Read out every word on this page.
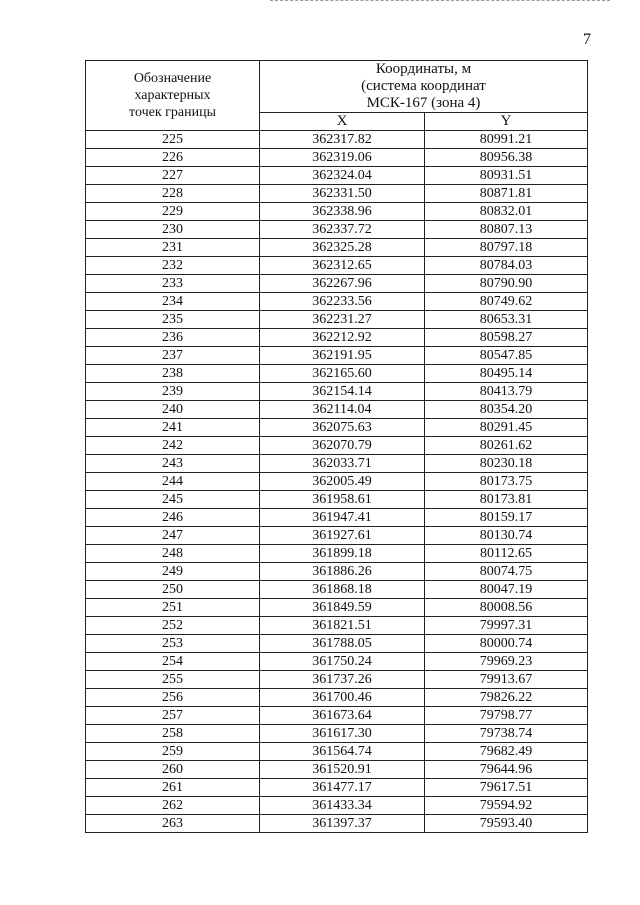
7
Обозначение
характерных
точек границы	Координаты, м
(система координат
МСК-167 (зона 4)	

	X	Y
225	362317.82	80991.21
226	362319.06	80956.38
227	362324.04	80931.51
228	362331.50	80871.81
229	362338.96	80832.01
230	362337.72	80807.13
231	362325.28	80797.18
232	362312.65	80784.03
233	362267.96	80790.90
234	362233.56	80749.62
235	362231.27	80653.31
236	362212.92	80598.27
237	362191.95	80547.85
238	362165.60	80495.14
239	362154.14	80413.79
240	362114.04	80354.20
241	362075.63	80291.45
242	362070.79	80261.62
243	362033.71	80230.18
244	362005.49	80173.75
245	361958.61	80173.81
246	361947.41	80159.17
247	361927.61	80130.74
248	361899.18	80112.65
249	361886.26	80074.75
250	361868.18	80047.19
251	361849.59	80008.56
252	361821.51	79997.31
253	361788.05	80000.74
254	361750.24	79969.23
255	361737.26	79913.67
256	361700.46	79826.22
257	361673.64	79798.77
258	361617.30	79738.74
259	361564.74	79682.49
260	361520.91	79644.96
261	361477.17	79617.51
262	361433.34	79594.92
263	361397.37	79593.40
